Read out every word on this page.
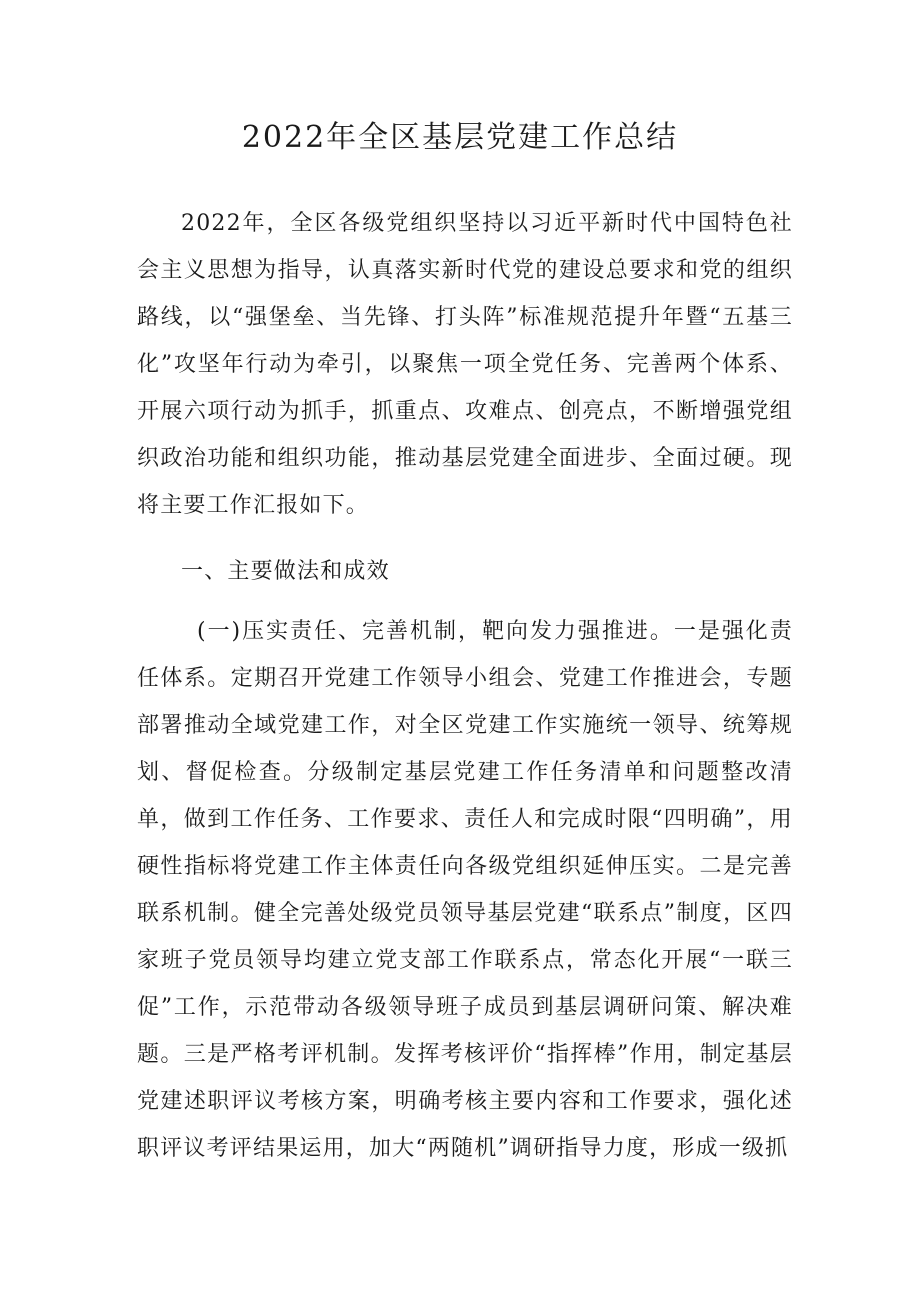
2022年全区基层党建工作总结

2022年，全区各级党组织坚持以习近平新时代中国特色社会主义思想为指导，认真落实新时代党的建设总要求和党的组织路线，以“强堡垒、当先锋、打头阵”标准规范提升年暨“五基三化”攻坚年行动为牵引，以聚焦一项全党任务、完善两个体系、开展六项行动为抓手，抓重点、攻难点、创亮点，不断增强党组织政治功能和组织功能，推动基层党建全面进步、全面过硬。现将主要工作汇报如下。

一、主要做法和成效

(一)压实责任、完善机制，靶向发力强推进。一是强化责任体系。定期召开党建工作领导小组会、党建工作推进会，专题部署推动全域党建工作，对全区党建工作实施统一领导、统筹规划、督促检查。分级制定基层党建工作任务清单和问题整改清单，做到工作任务、工作要求、责任人和完成时限“四明确”，用硬性指标将党建工作主体责任向各级党组织延伸压实。二是完善联系机制。健全完善处级党员领导基层党建“联系点”制度，区四家班子党员领导均建立党支部工作联系点，常态化开展“一联三促”工作，示范带动各级领导班子成员到基层调研问策、解决难题。三是严格考评机制。发挥考核评价“指挥棒”作用，制定基层党建述职评议考核方案，明确考核主要内容和工作要求，强化述职评议考评结果运用，加大“两随机”调研指导力度，形成一级抓
